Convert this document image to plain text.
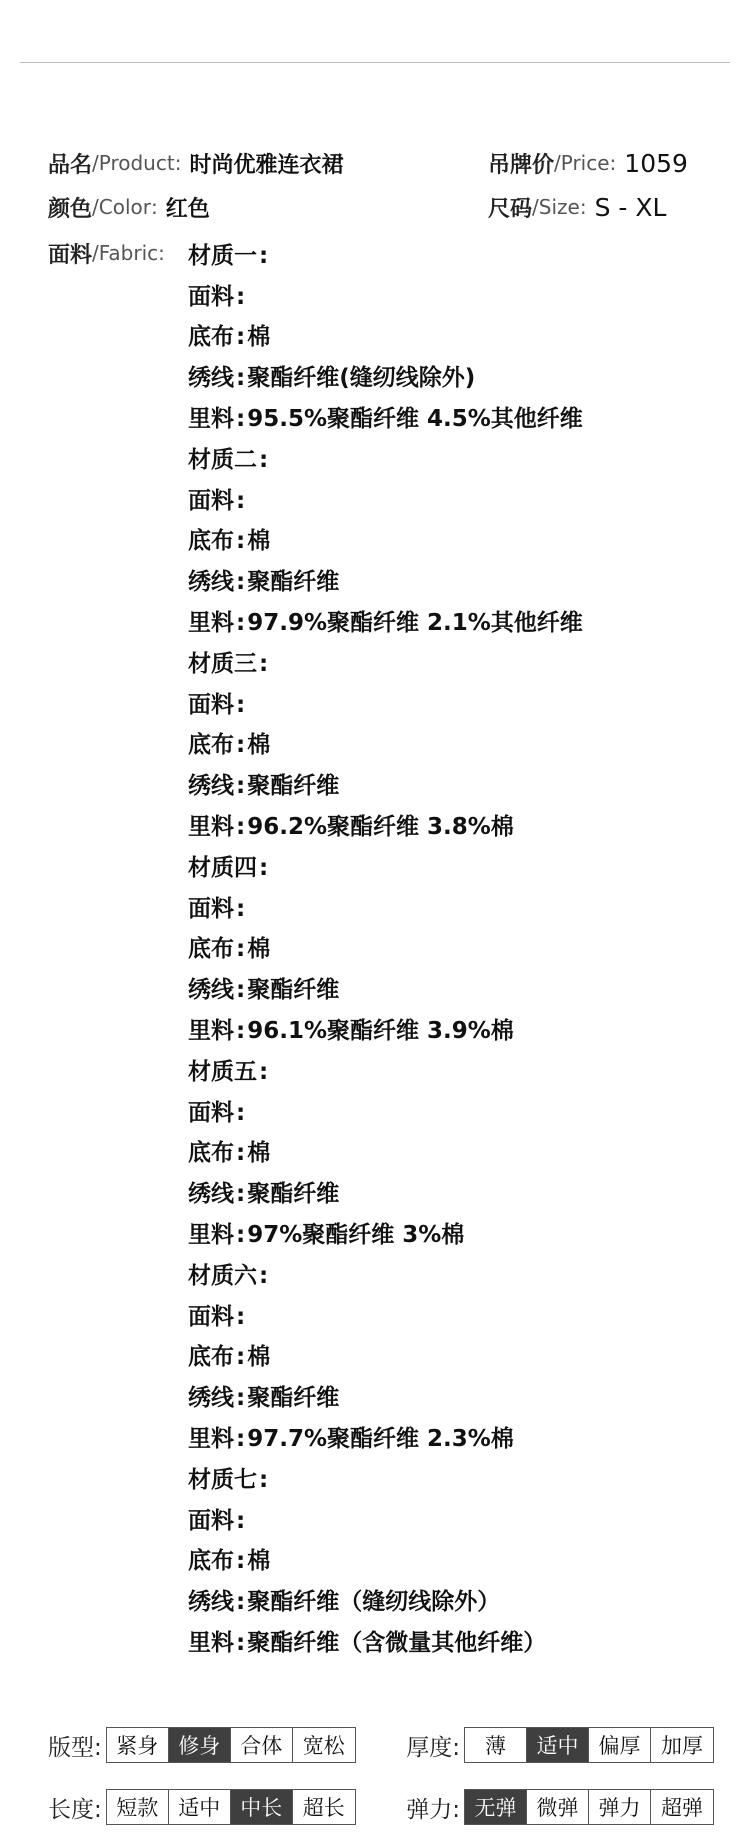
品名 /Product : 时尚优雅连衣裙	吊牌价 /Price : 1059
颜色 /Color : 红色	尺码 /Size : S - XL
面料 /Fabric : 材质一 :
面料 :
底布 : 棉
绣线 : 聚酯纤维(缝纫线除外)
里料 : 95.5%聚酯纤维 4.5%其他纤维
材质二 :
面料 :
底布 : 棉
绣线 : 聚酯纤维
里料 : 97.9%聚酯纤维 2.1%其他纤维
材质三 :
面料 :
底布 : 棉
绣线 : 聚酯纤维
里料 : 96.2%聚酯纤维 3.8%棉
材质四 :
面料 :
底布 : 棉
绣线 : 聚酯纤维
里料 : 96.1%聚酯纤维 3.9%棉
材质五 :
面料 :
底布 : 棉
绣线 : 聚酯纤维
里料 : 97%聚酯纤维 3%棉
材质六 :
面料 :
底布 : 棉
绣线 : 聚酯纤维
里料 : 97.7%聚酯纤维 2.3%棉
材质七 :
面料 :
底布 : 棉
绣线 : 聚酯纤维（缝纫线除外）
里料 : 聚酯纤维（含微量其他纤维）
版型: 紧身 修身 合体 宽松	厚度:	薄	适中 偏厚 加厚
长度: 短款 适中 中长 超长	弹力: 无弹 微弹 弹力 超弹
